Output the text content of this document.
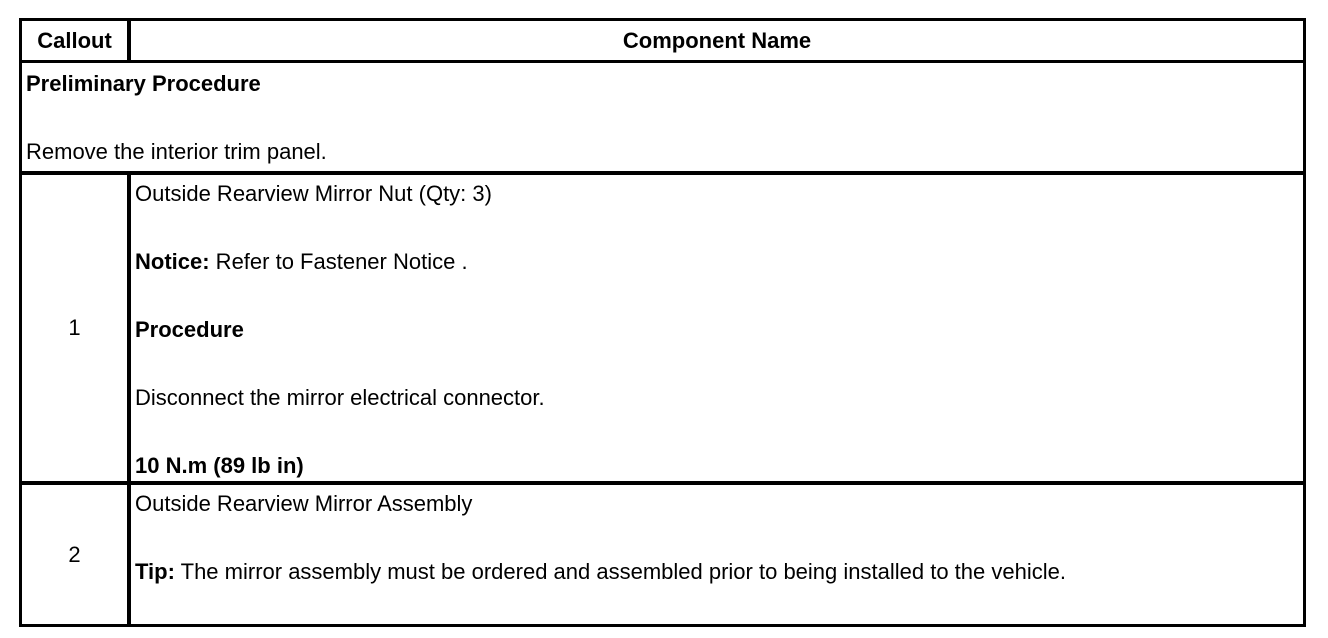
Callout	Component Name
Preliminary Procedure
Remove the interior trim panel.
1
Outside Rearview Mirror Nut (Qty: 3)
Notice: Refer to Fastener Notice .
Procedure
Disconnect the mirror electrical connector.
10 N.m (89 lb in)
2
Outside Rearview Mirror Assembly
Tip: The mirror assembly must be ordered and assembled prior to being installed to the vehicle.
